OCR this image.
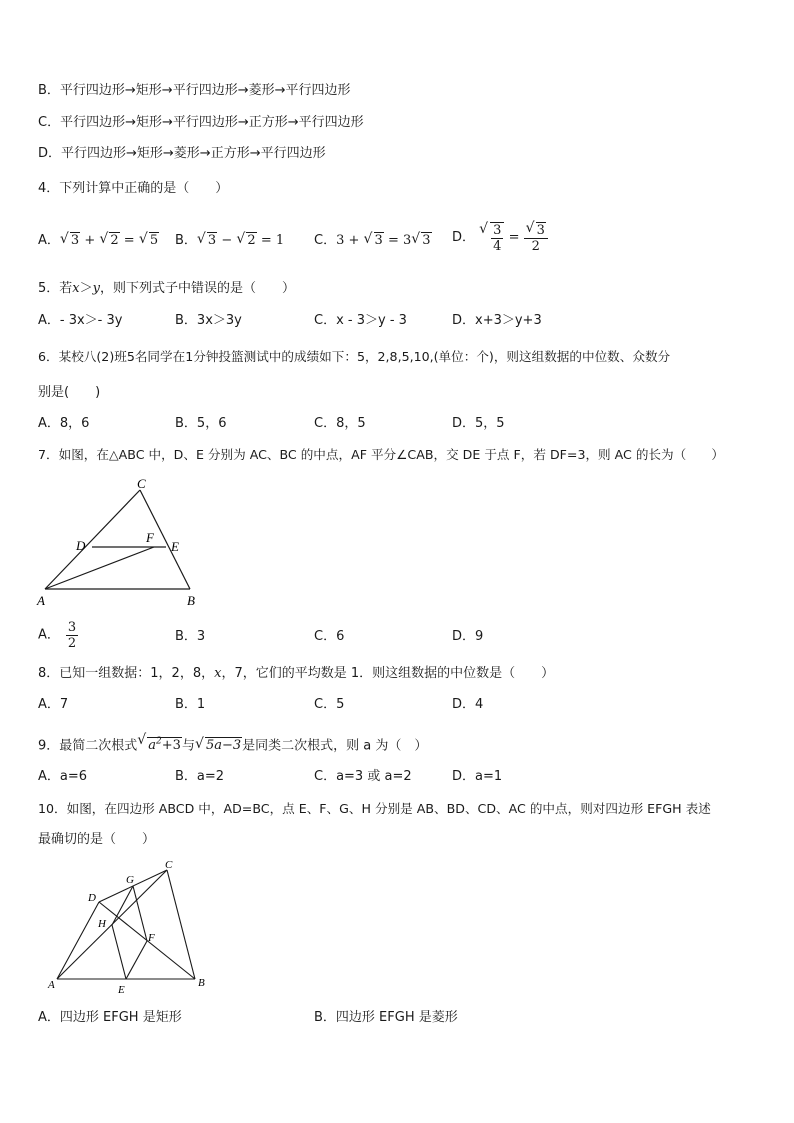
B．平行四边形→矩形→平行四边形→菱形→平行四边形
C．平行四边形→矩形→平行四边形→正方形→平行四边形
D．平行四边形→矩形→菱形→正方形→平行四边形
4．下列计算中正确的是（　　）
A． √ 3 + √ 2 = √ 5 B． √ 3 − √ 2 = 1 C．3 + √ 3 = 3 √ 3 D． √ $\frac{3}{4}$ = √ $\frac{3}{2}$
5．若x＞y，则下列式子中错误的是（　　）
A．- 3x＞- 3y	B．3x＞3y	C．x - 3＞y - 3	D．x+3＞y+3
6．某校八(2)班5名同学在1分钟投篮测试中的成绩如下：5，2,8,5,10,(单位：个)，则这组数据的中位数、众数分
别是(　　)
A．8，6	B．5，6	C．8，5	D．5，5
7．如图，在△ABC 中，D、E 分别为 AC、BC 的中点，AF 平分∠CAB，交 DE 于点 F，若 DF=3，则 AC 的长为（　　）
C
D
F
E
A	B
A． $\frac{3}{2}$	B．3	C．6	D．9
8．已知一组数据：1，2，8，x，7，它们的平均数是 1．则这组数据的中位数是（　　）
A．7	B．1	C．5	D．4
9．最简二次根式 √ $a^2+3$与 √ 5a−3是同类二次根式，则 a 为（　）
A．a=6	B．a=2	C．a=3 或 a=2	D．a=1
10．如图，在四边形 ABCD 中，AD=BC，点 E、F、G、H 分别是 AB、BD、CD、AC 的中点，则对四边形 EFGH 表述
最确切的是（　　）
C
D
G
H
F
A	E
B
A．四边形 EFGH 是矩形	B．四边形 EFGH 是菱形
